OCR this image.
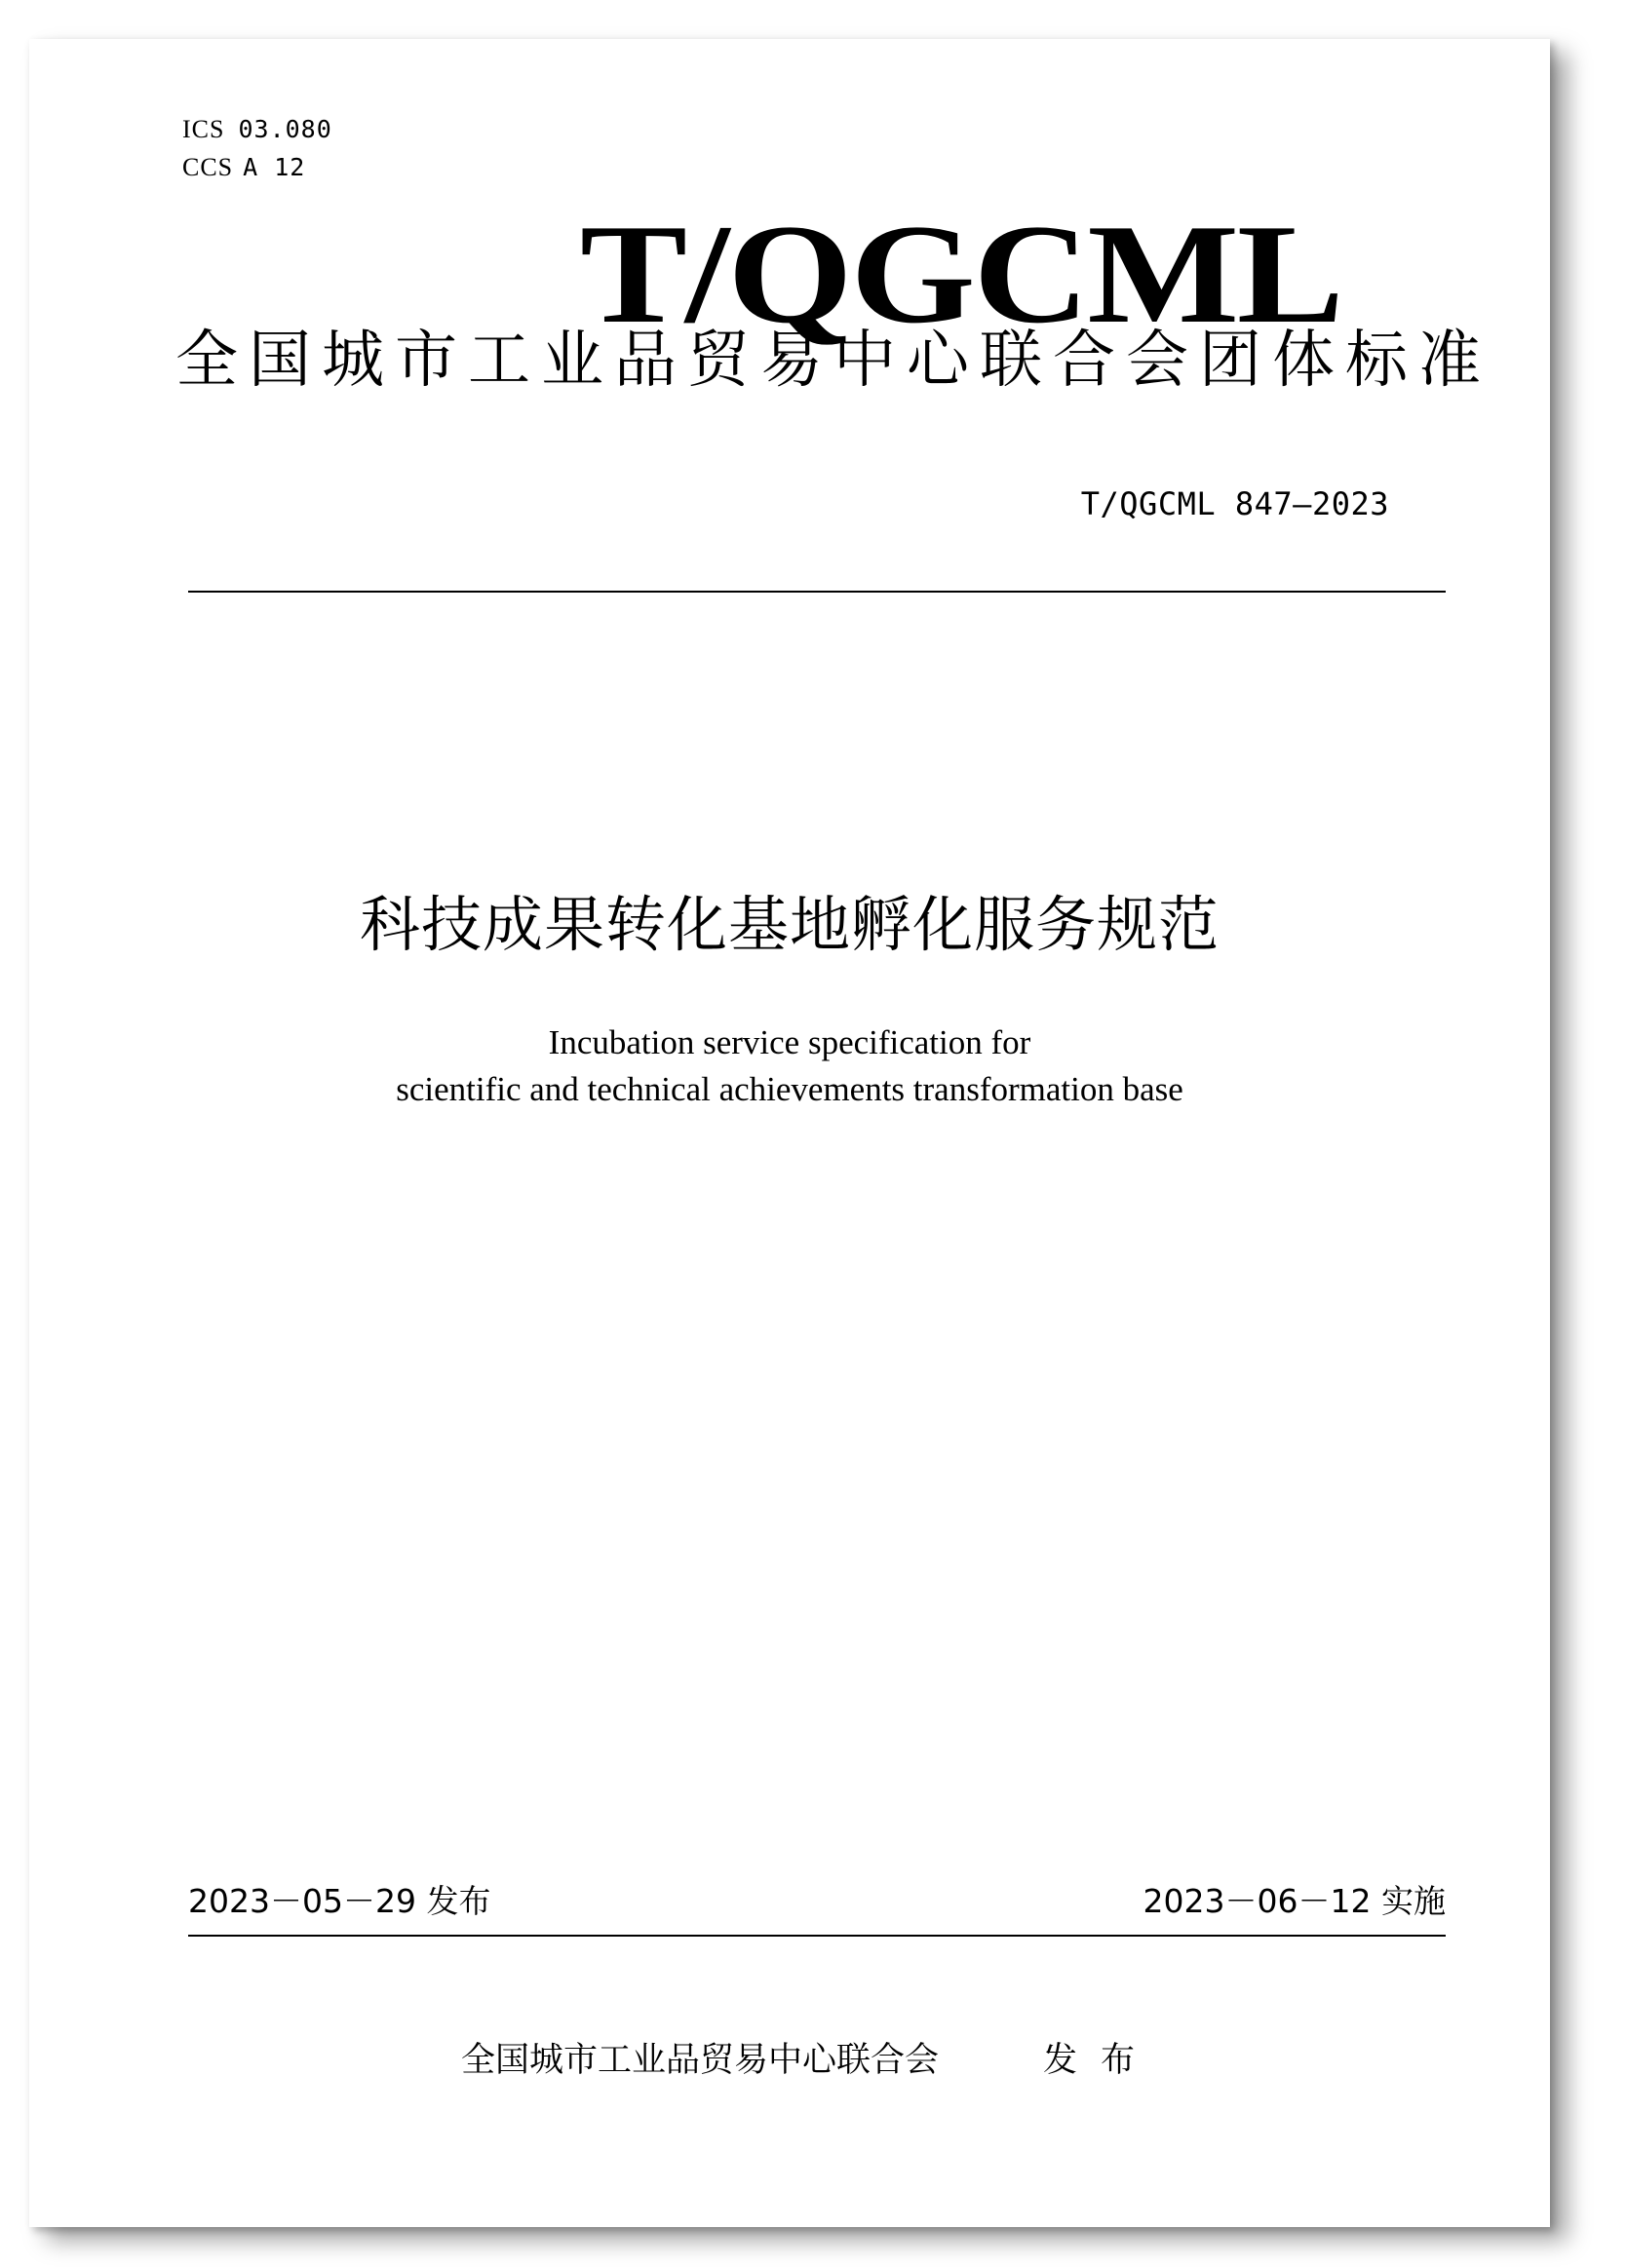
ICS 03.080
CCS A 12
T/QGCML
全国城市工业品贸易中心联合会团体标准
T/QGCML 847—2023
科技成果转化基地孵化服务规范
Incubation service specification for
scientific and technical achievements transformation base
2023－05－29 发布	2023－06－12 实施
全国城市工业品贸易中心联合会	发布
